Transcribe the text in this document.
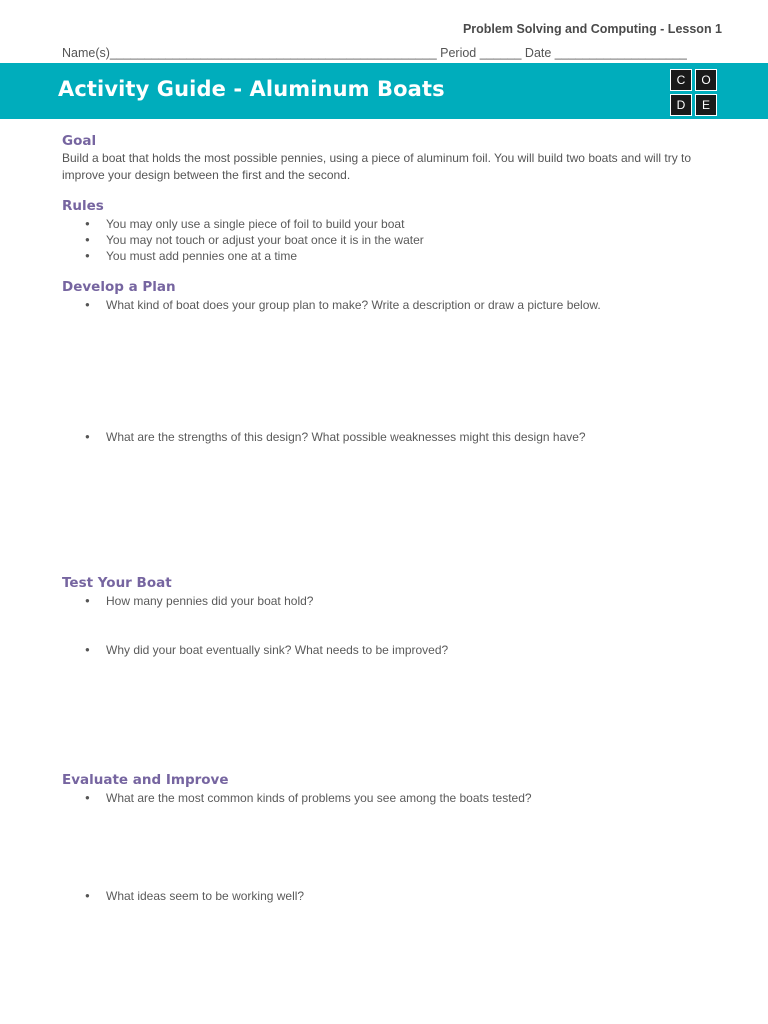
Problem Solving and Computing - Lesson 1
Name(s)_______________________________________________ Period ______ Date ___________________
Activity Guide - Aluminum Boats	C	O
D	E
Goal

Build a boat that holds the most possible pennies, using a piece of aluminum foil. You will build two boats and will try to improve your design between the first and the second.

Rules
● You may only use a single piece of foil to build your boat
● You may not touch or adjust your boat once it is in the water
● You must add pennies one at a time
Develop a Plan
● What kind of boat does your group plan to make? Write a description or draw a picture below.
● What are the strengths of this design? What possible weaknesses might this design have?
Test Your Boat
● How many pennies did your boat hold?
● Why did your boat eventually sink? What needs to be improved?
Evaluate and Improve
● What are the most common kinds of problems you see among the boats tested?
● What ideas seem to be working well?
